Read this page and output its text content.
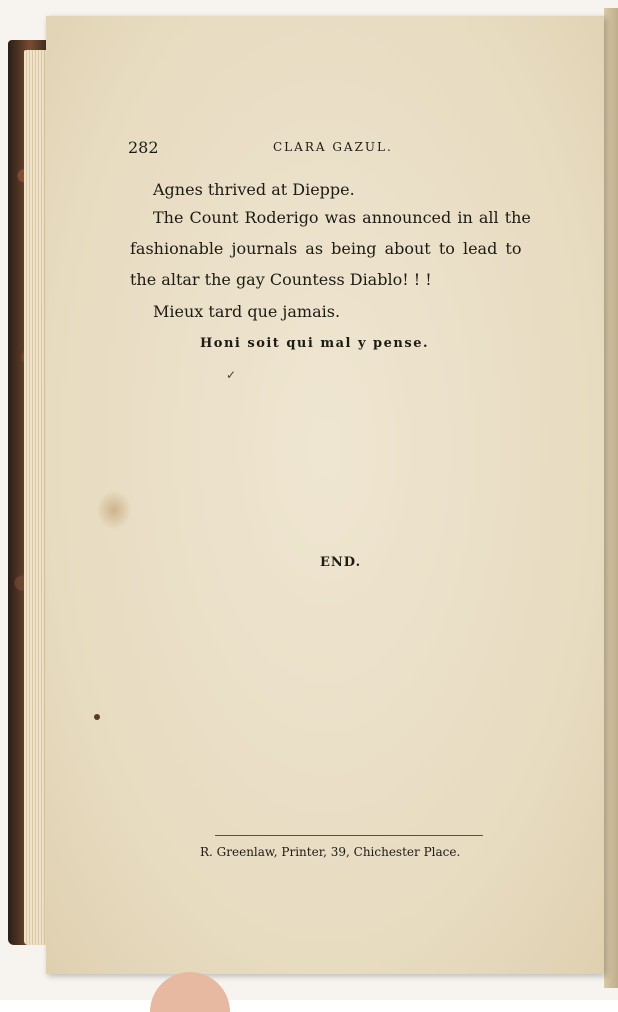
282	CLARA GAZUL.
Agnes thrived at Dieppe.
The Count Roderigo was announced in all the
fashionable journals as being about to lead to
the altar the gay Countess Diablo! ! !
Mieux tard que jamais.
Honi soit qui mal y pense.
✓
END.
R. Greenlaw, Printer, 39, Chichester Place.
